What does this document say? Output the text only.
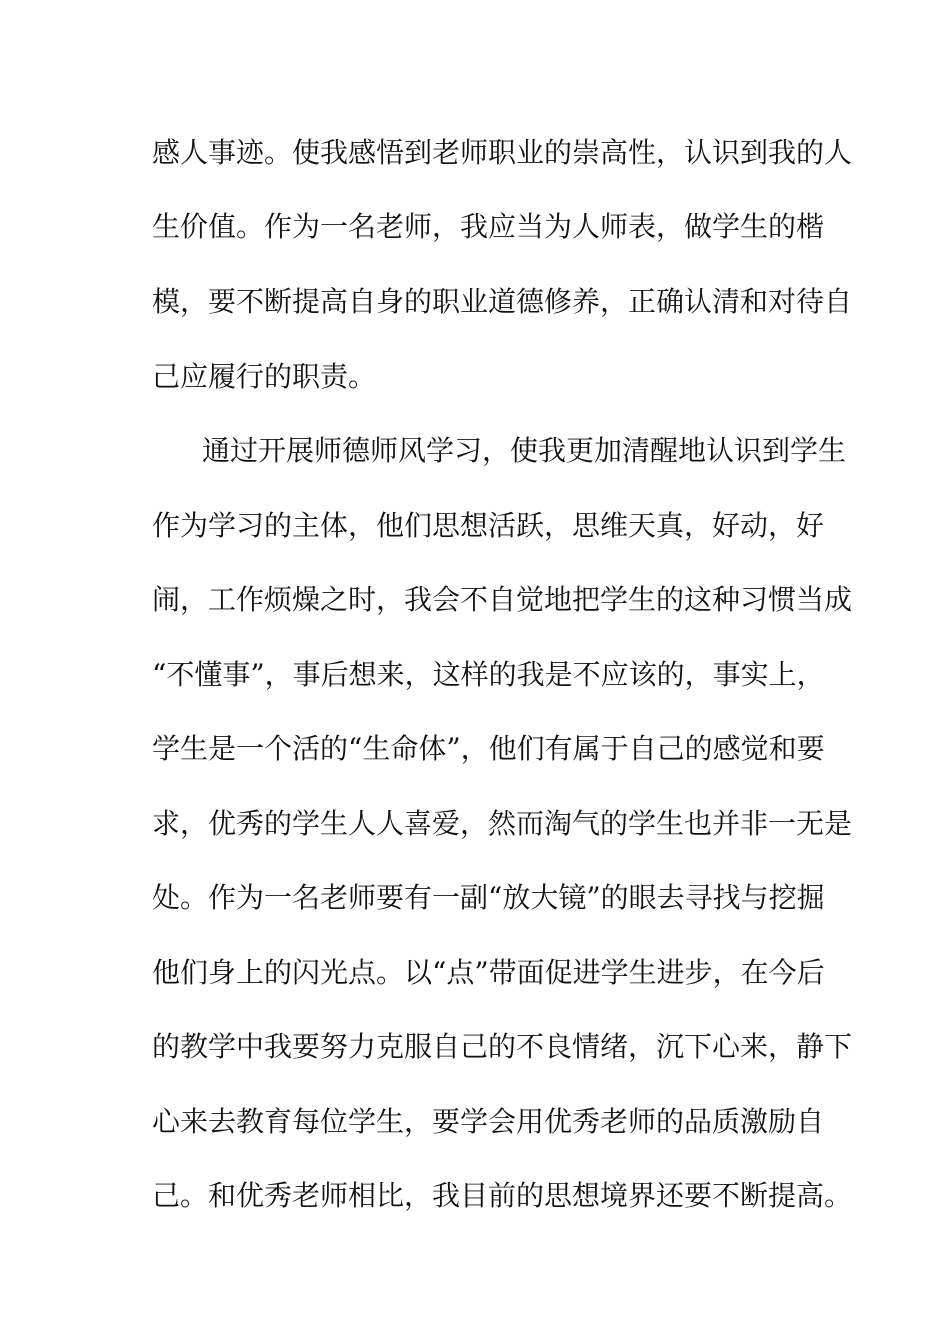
感人事迹。使我感悟到老师职业的崇高性，认识到我的人
生价值。作为一名老师，我应当为人师表，做学生的楷
模，要不断提高自身的职业道德修养，正确认清和对待自
己应履行的职责。
通过开展师德师风学习，使我更加清醒地认识到学生
作为学习的主体，他们思想活跃，思维天真，好动，好
闹，工作烦燥之时，我会不自觉地把学生的这种习惯当成
“不懂事”，事后想来，这样的我是不应该的，事实上，
学生是一个活的“生命体”，他们有属于自己的感觉和要
求，优秀的学生人人喜爱，然而淘气的学生也并非一无是
处。作为一名老师要有一副“放大镜”的眼去寻找与挖掘
他们身上的闪光点。以“点”带面促进学生进步，在今后
的教学中我要努力克服自己的不良情绪，沉下心来，静下
心来去教育每位学生，要学会用优秀老师的品质激励自
己。和优秀老师相比，我目前的思想境界还要不断提高。
